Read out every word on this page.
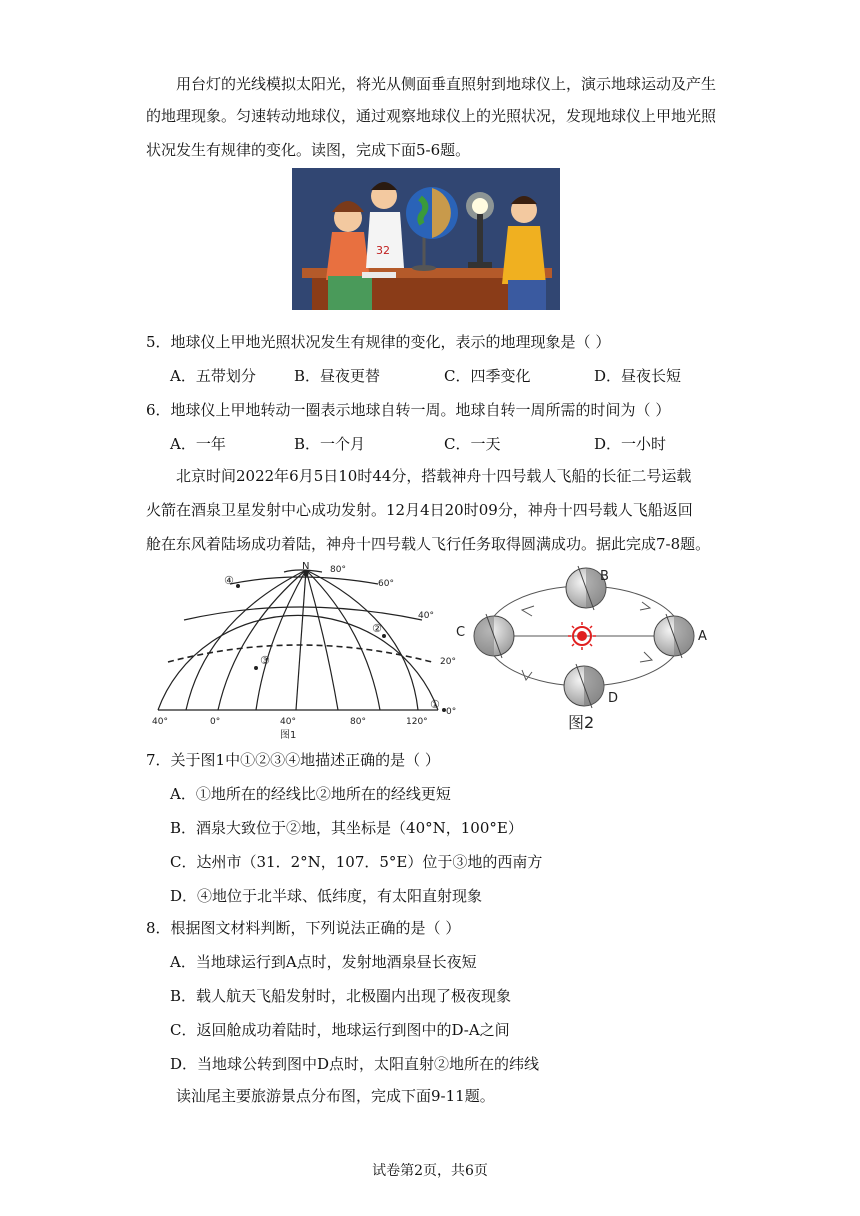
用台灯的光线模拟太阳光，将光从侧面垂直照射到地球仪上，演示地球运动及产生
的地理现象。匀速转动地球仪，通过观察地球仪上的光照状况，发现地球仪上甲地光照
状况发生有规律的变化。读图，完成下面5-6题。
32
5．地球仪上甲地光照状况发生有规律的变化，表示的地理现象是（ ）
A．五带划分	B．昼夜更替	C．四季变化	D．昼夜长短
6．地球仪上甲地转动一圈表示地球自转一周。地球自转一周所需的时间为（ ）
A．一年	B．一个月	C．一天	D．一小时
北京时间2022年6月5日10时44分，搭载神舟十四号载人飞船的长征二号运载
火箭在酒泉卫星发射中心成功发射。12月4日20时09分，神舟十四号载人飞船返回
舱在东风着陆场成功着陆，神舟十四号载人飞行任务取得圆满成功。据此完成7-8题。
N 80°
60°
40°
20°
0°
40°	0°	40°	80°	120°
①
②
③
④
图1
A
B
C
D
图2
7．关于图1中①②③④地描述正确的是（ ）
A．①地所在的经线比②地所在的经线更短
B．酒泉大致位于②地，其坐标是（40°N，100°E）
C．达州市（31．2°N，107．5°E）位于③地的西南方
D．④地位于北半球、低纬度，有太阳直射现象
8．根据图文材料判断，下列说法正确的是（ ）
A．当地球运行到A点时，发射地酒泉昼长夜短
B．载人航天飞船发射时，北极圈内出现了极夜现象
C．返回舱成功着陆时，地球运行到图中的D-A之间
D．当地球公转到图中D点时，太阳直射②地所在的纬线
读汕尾主要旅游景点分布图，完成下面9-11题。
试卷第2页，共6页
